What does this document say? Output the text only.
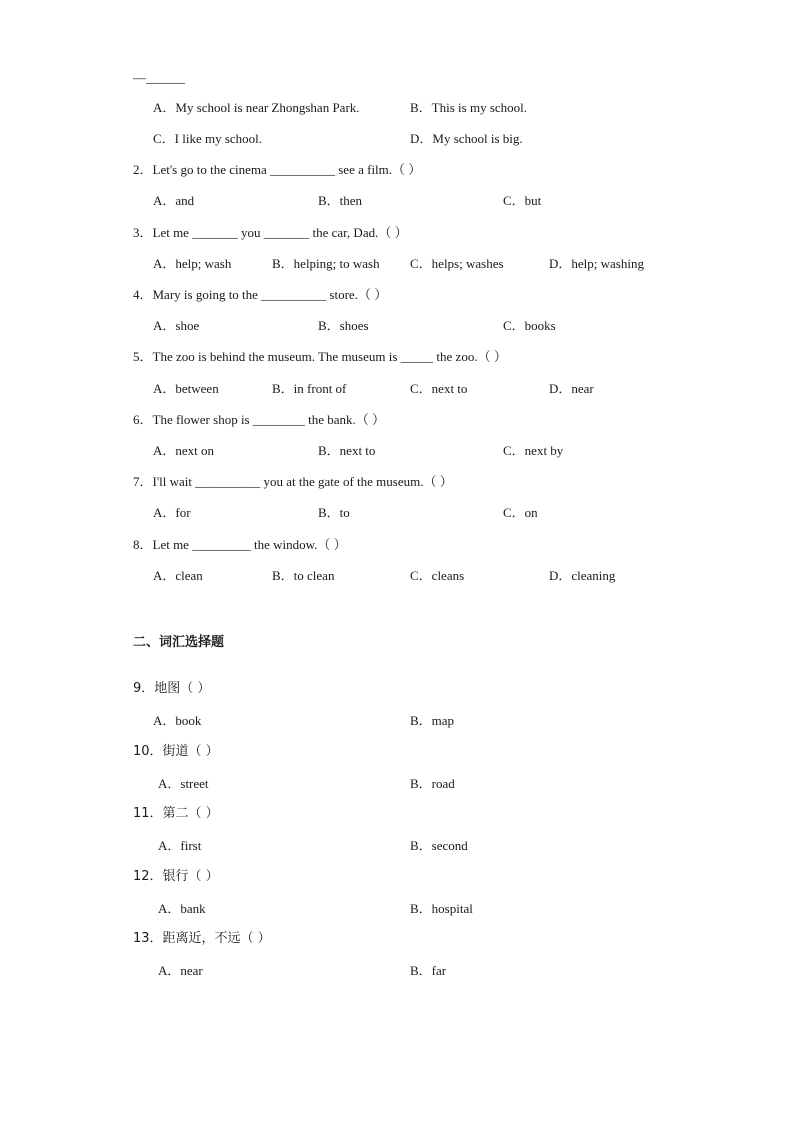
—______
A．My school is near Zhongshan Park.	B．This is my school.
C．I like my school.	D．My school is big.
2．Let's go to the cinema __________ see a film.（ ）
A．and	B．then	C．but
3．Let me _______ you _______ the car, Dad.（ ）
A．help; wash	B．helping; to wash C．helps; washes	D．help; washing
4．Mary is going to the __________ store.（ ）
A．shoe	B．shoes	C．books
5．The zoo is behind the museum. The museum is _____ the zoo.（ ）
A．between	B．in front of	C．next to	D．near
6．The flower shop is ________ the bank.（ ）
A．next on	B．next to	C．next by
7．I'll wait __________ you at the gate of the museum.（ ）
A．for	B．to	C．on
8．Let me _________ the window.（ ）
A．clean	B．to clean	C．cleans	D．cleaning
二、词汇选择题
9．地图（ ）
A．book	B．map
10．街道（ ）
A．street	B．road
11．第二（ ）
A．first	B．second
12．银行（ ）
A．bank	B．hospital
13．距离近，不远（ ）
A．near	B．far
